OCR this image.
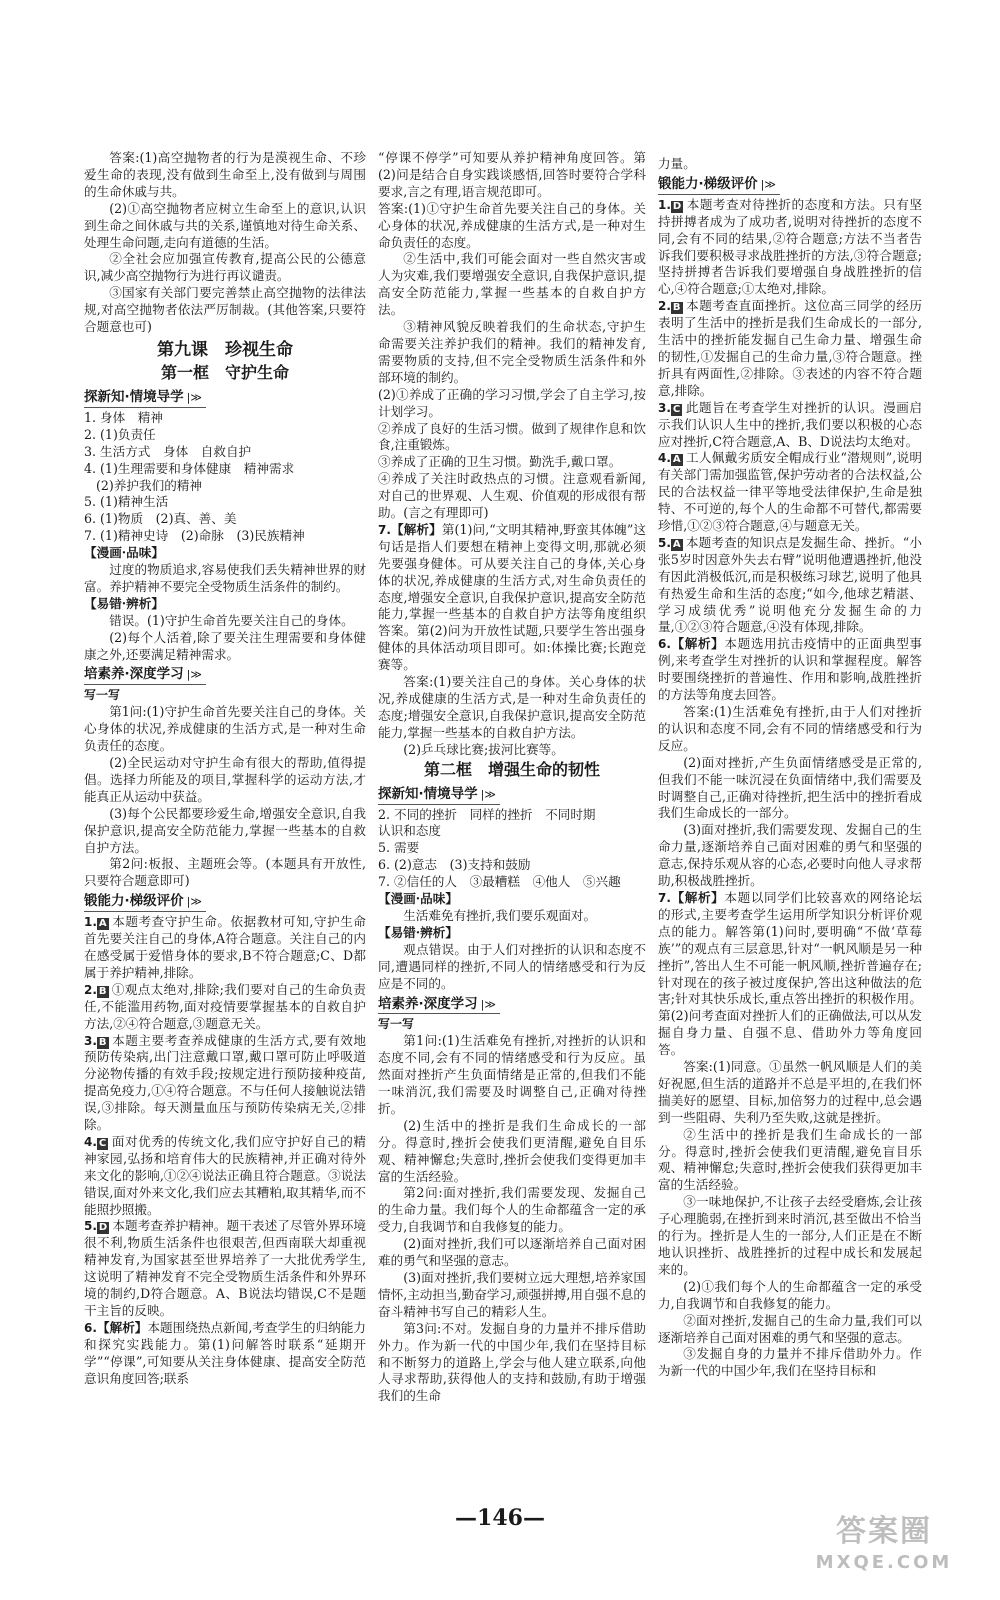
答案:(1)高空抛物者的行为是漠视生命、不珍爱生命的表现,没有做到生命至上,没有做到与周围的生命休戚与共。

(2)①高空抛物者应树立生命至上的意识,认识到生命之间休戚与共的关系,谨慎地对待生命关系、处理生命问题,走向有道德的生活。

②全社会应加强宣传教育,提高公民的公德意识,减少高空抛物行为进行再议谴责。

③国家有关部门要完善禁止高空抛物的法律法规,对高空抛物者依法严厉制裁。(其他答案,只要符合题意也可)

第九课　珍视生命
第一框　守护生命
探新知·情境导学 |≫

1. 身体　精神

2. (1)负责任

3. 生活方式　身体　自救自护

4. (1)生理需要和身体健康　精神需求

(2)养护我们的精神

5. (1)精神生活

6. (1)物质　(2)真、善、美

7. (1)精神史诗　(2)命脉　(3)民族精神

【漫画·品味】

过度的物质追求,容易使我们丢失精神世界的财富。养护精神不要完全受物质生活条件的制约。

【易错·辨析】

错误。(1)守护生命首先要关注自己的身体。

(2)每个人活着,除了要关注生理需要和身体健康之外,还要满足精神需求。

培素养·深度学习 |≫

写一写

第1问:(1)守护生命首先要关注自己的身体。关心身体的状况,养成健康的生活方式,是一种对生命负责任的态度。

(2)全民运动对守护生命有很大的帮助,值得提倡。选择力所能及的项目,掌握科学的运动方法,才能真正从运动中获益。

(3)每个公民都要珍爱生命,增强安全意识,自我保护意识,提高安全防范能力,掌握一些基本的自救自护方法。

第2问:板报、主题班会等。(本题具有开放性,只要符合题意即可)

锻能力·梯级评价 |≫

1. A 本题考查守护生命。依据教材可知,守护生命首先要关注自己的身体,A符合题意。关注自己的内在感受属于爱惜身体的要求,B不符合题意;C、D都属于养护精神,排除。

2. B ①观点太绝对,排除;我们要对自己的生命负责任,不能滥用药物,面对疫情要掌握基本的自救自护方法,②④符合题意,③题意无关。

3. B 本题主要考查养成健康的生活方式,要有效地预防传染病,出门注意戴口罩,戴口罩可防止呼吸道分泌物传播的有效手段;按规定进行预防接种疫苗,提高免疫力,①④符合题意。不与任何人接触说法错误,③排除。每天测量血压与预防传染病无关,②排除。

4. C 面对优秀的传统文化,我们应守护好自己的精神家园,弘扬和培育伟大的民族精神,并正确对待外来文化的影响,①②④说法正确且符合题意。③说法错误,面对外来文化,我们应去其糟粕,取其精华,而不能照抄照搬。

5. D 本题考查养护精神。题干表述了尽管外界环境很不利,物质生活条件也很艰苦,但西南联大却重视精神发育,为国家甚至世界培养了一大批优秀学生,这说明了精神发育不完全受物质生活条件和外界环境的制约,D符合题意。A、B说法均错误,C不是题干主旨的反映。

6.【解析】本题围绕热点新闻,考查学生的归纳能力和探究实践能力。第(1)问解答时联系“延期开学”“停课”,可知要从关注身体健康、提高安全防范意识角度回答;联系

“停课不停学”可知要从养护精神角度回答。第(2)问是结合自身实践谈感悟,回答时要符合学科要求,言之有理,语言规范即可。

答案:(1)①守护生命首先要关注自己的身体。关心身体的状况,养成健康的生活方式,是一种对生命负责任的态度。

②生活中,我们可能会面对一些自然灾害或人为灾难,我们要增强安全意识,自我保护意识,提高安全防范能力,掌握一些基本的自救自护方法。

③精神风貌反映着我们的生命状态,守护生命需要关注养护我们的精神。我们的精神发育,需要物质的支持,但不完全受物质生活条件和外部环境的制约。

(2)①养成了正确的学习习惯,学会了自主学习,按计划学习。

②养成了良好的生活习惯。做到了规律作息和饮食,注重锻炼。

③养成了正确的卫生习惯。勤洗手,戴口罩。

④养成了关注时政热点的习惯。注意观看新闻,对自己的世界观、人生观、价值观的形成很有帮助。(言之有理即可)

7.【解析】第(1)问,“文明其精神,野蛮其体魄”这句话是指人们要想在精神上变得文明,那就必须先要强身健体。可从要关注自己的身体,关心身体的状况,养成健康的生活方式,对生命负责任的态度,增强安全意识,自我保护意识,提高安全防范能力,掌握一些基本的自救自护方法等角度组织答案。第(2)问为开放性试题,只要学生答出强身健体的具体活动项目即可。如:体操比赛;长跑竞赛等。

答案:(1)要关注自己的身体。关心身体的状况,养成健康的生活方式,是一种对生命负责任的态度;增强安全意识,自我保护意识,提高安全防范能力,掌握一些基本的自救自护方法。

(2)乒乓球比赛;拔河比赛等。

第二框　增强生命的韧性
探新知·情境导学 |≫

2. 不同的挫折　同样的挫折　不同时期

认识和态度

5. 需要

6. (2)意志　(3)支持和鼓励

7. ②信任的人　③最糟糕　④他人　⑤兴趣

【漫画·品味】

生活难免有挫折,我们要乐观面对。

【易错·辨析】

观点错误。由于人们对挫折的认识和态度不同,遭遇同样的挫折,不同人的情绪感受和行为反应是不同的。

培素养·深度学习 |≫

写一写

第1问:(1)生活难免有挫折,对挫折的认识和态度不同,会有不同的情绪感受和行为反应。虽然面对挫折产生负面情绪是正常的,但我们不能一味消沉,我们需要及时调整自己,正确对待挫折。

(2)生活中的挫折是我们生命成长的一部分。得意时,挫折会使我们更清醒,避免自目乐观、精神懈怠;失意时,挫折会使我们变得更加丰富的生活经验。

第2问:面对挫折,我们需要发现、发掘自己的生命力量。我们每个人的生命都蕴含一定的承受力,自我调节和自我修复的能力。

(2)面对挫折,我们可以逐渐培养自己面对困难的勇气和坚强的意志。

(3)面对挫折,我们要树立远大理想,培养家国情怀,主动担当,勤奋学习,顽强拼搏,用自强不息的奋斗精神书写自己的精彩人生。

第3问:不对。发掘自身的力量并不排斥借助外力。作为新一代的中国少年,我们在坚持目标和不断努力的道路上,学会与他人建立联系,向他人寻求帮助,获得他人的支持和鼓励,有助于增强我们的生命

力量。

锻能力·梯级评价 |≫

1. D 本题考查对待挫折的态度和方法。只有坚持拼搏者成为了成功者,说明对待挫折的态度不同,会有不同的结果,②符合题意;方法不当者告诉我们要积极寻求战胜挫折的方法,③符合题意;坚持拼搏者告诉我们要增强自身战胜挫折的信心,④符合题意;①太绝对,排除。

2. B 本题考查直面挫折。这位高三同学的经历表明了生活中的挫折是我们生命成长的一部分,生活中的挫折能发掘自己生命力量、增强生命的韧性,①发掘自己的生命力量,③符合题意。挫折具有两面性,②排除。③表述的内容不符合题意,排除。

3. C 此题旨在考查学生对挫折的认识。漫画启示我们认识人生中的挫折,我们要以积极的心态应对挫折,C符合题意,A、B、D说法均太绝对。

4. A 工人佩戴劣质安全帽成行业“潜规则”,说明有关部门需加强监管,保护劳动者的合法权益,公民的合法权益一律平等地受法律保护,生命是独特、不可逆的,每个人的生命都不可替代,都需要珍惜,①②③符合题意,④与题意无关。

5. A 本题考查的知识点是发掘生命、挫折。“小张5岁时因意外失去右臂”说明他遭遇挫折,他没有因此消极低沉,而是积极练习球艺,说明了他具有热爱生命和生活的态度;“如今,他球艺精湛、学习成绩优秀”说明他充分发掘生命的力量,①②③符合题意,④没有体现,排除。

6.【解析】本题选用抗击疫情中的正面典型事例,来考查学生对挫折的认识和掌握程度。解答时要围绕挫折的普遍性、作用和影响,战胜挫折的方法等角度去回答。

答案:(1)生活难免有挫折,由于人们对挫折的认识和态度不同,会有不同的情绪感受和行为反应。

(2)面对挫折,产生负面情绪感受是正常的,但我们不能一味沉浸在负面情绪中,我们需要及时调整自己,正确对待挫折,把生活中的挫折看成我们生命成长的一部分。

(3)面对挫折,我们需要发现、发掘自己的生命力量,逐渐培养自己面对困难的勇气和坚强的意志,保持乐观从容的心态,必要时向他人寻求帮助,积极战胜挫折。

7.【解析】本题以同学们比较喜欢的网络论坛的形式,主要考查学生运用所学知识分析评价观点的能力。解答第(1)问时,要明确“不做‘草莓族’”的观点有三层意思,针对“一帆风顺是另一种挫折”,答出人生不可能一帆风顺,挫折普遍存在;针对现在的孩子被过度保护,答出这种做法的危害;针对其快乐成长,重点答出挫折的积极作用。第(2)问考查面对挫折人们的正确做法,可以从发掘自身力量、自强不息、借助外力等角度回答。

答案:(1)同意。①虽然一帆风顺是人们的美好祝愿,但生活的道路并不总是平坦的,在我们怀揣美好的愿望、目标,加倍努力的过程中,总会遇到一些阻碍、失利乃至失败,这就是挫折。

②生活中的挫折是我们生命成长的一部分。得意时,挫折会使我们更清醒,避免盲目乐观、精神懈怠;失意时,挫折会使我们获得更加丰富的生活经验。

③一味地保护,不让孩子去经受磨炼,会让孩子心理脆弱,在挫折到来时消沉,甚至做出不恰当的行为。挫折是人生的一部分,人们正是在不断地认识挫折、战胜挫折的过程中成长和发展起来的。

(2)①我们每个人的生命都蕴含一定的承受力,自我调节和自我修复的能力。

②面对挫折,发掘自己的生命力量,我们可以逐渐培养自己面对困难的勇气和坚强的意志。

③发掘自身的力量并不排斥借助外力。作为新一代的中国少年,我们在坚持目标和

—146—	答案圈
MXQE.COM
